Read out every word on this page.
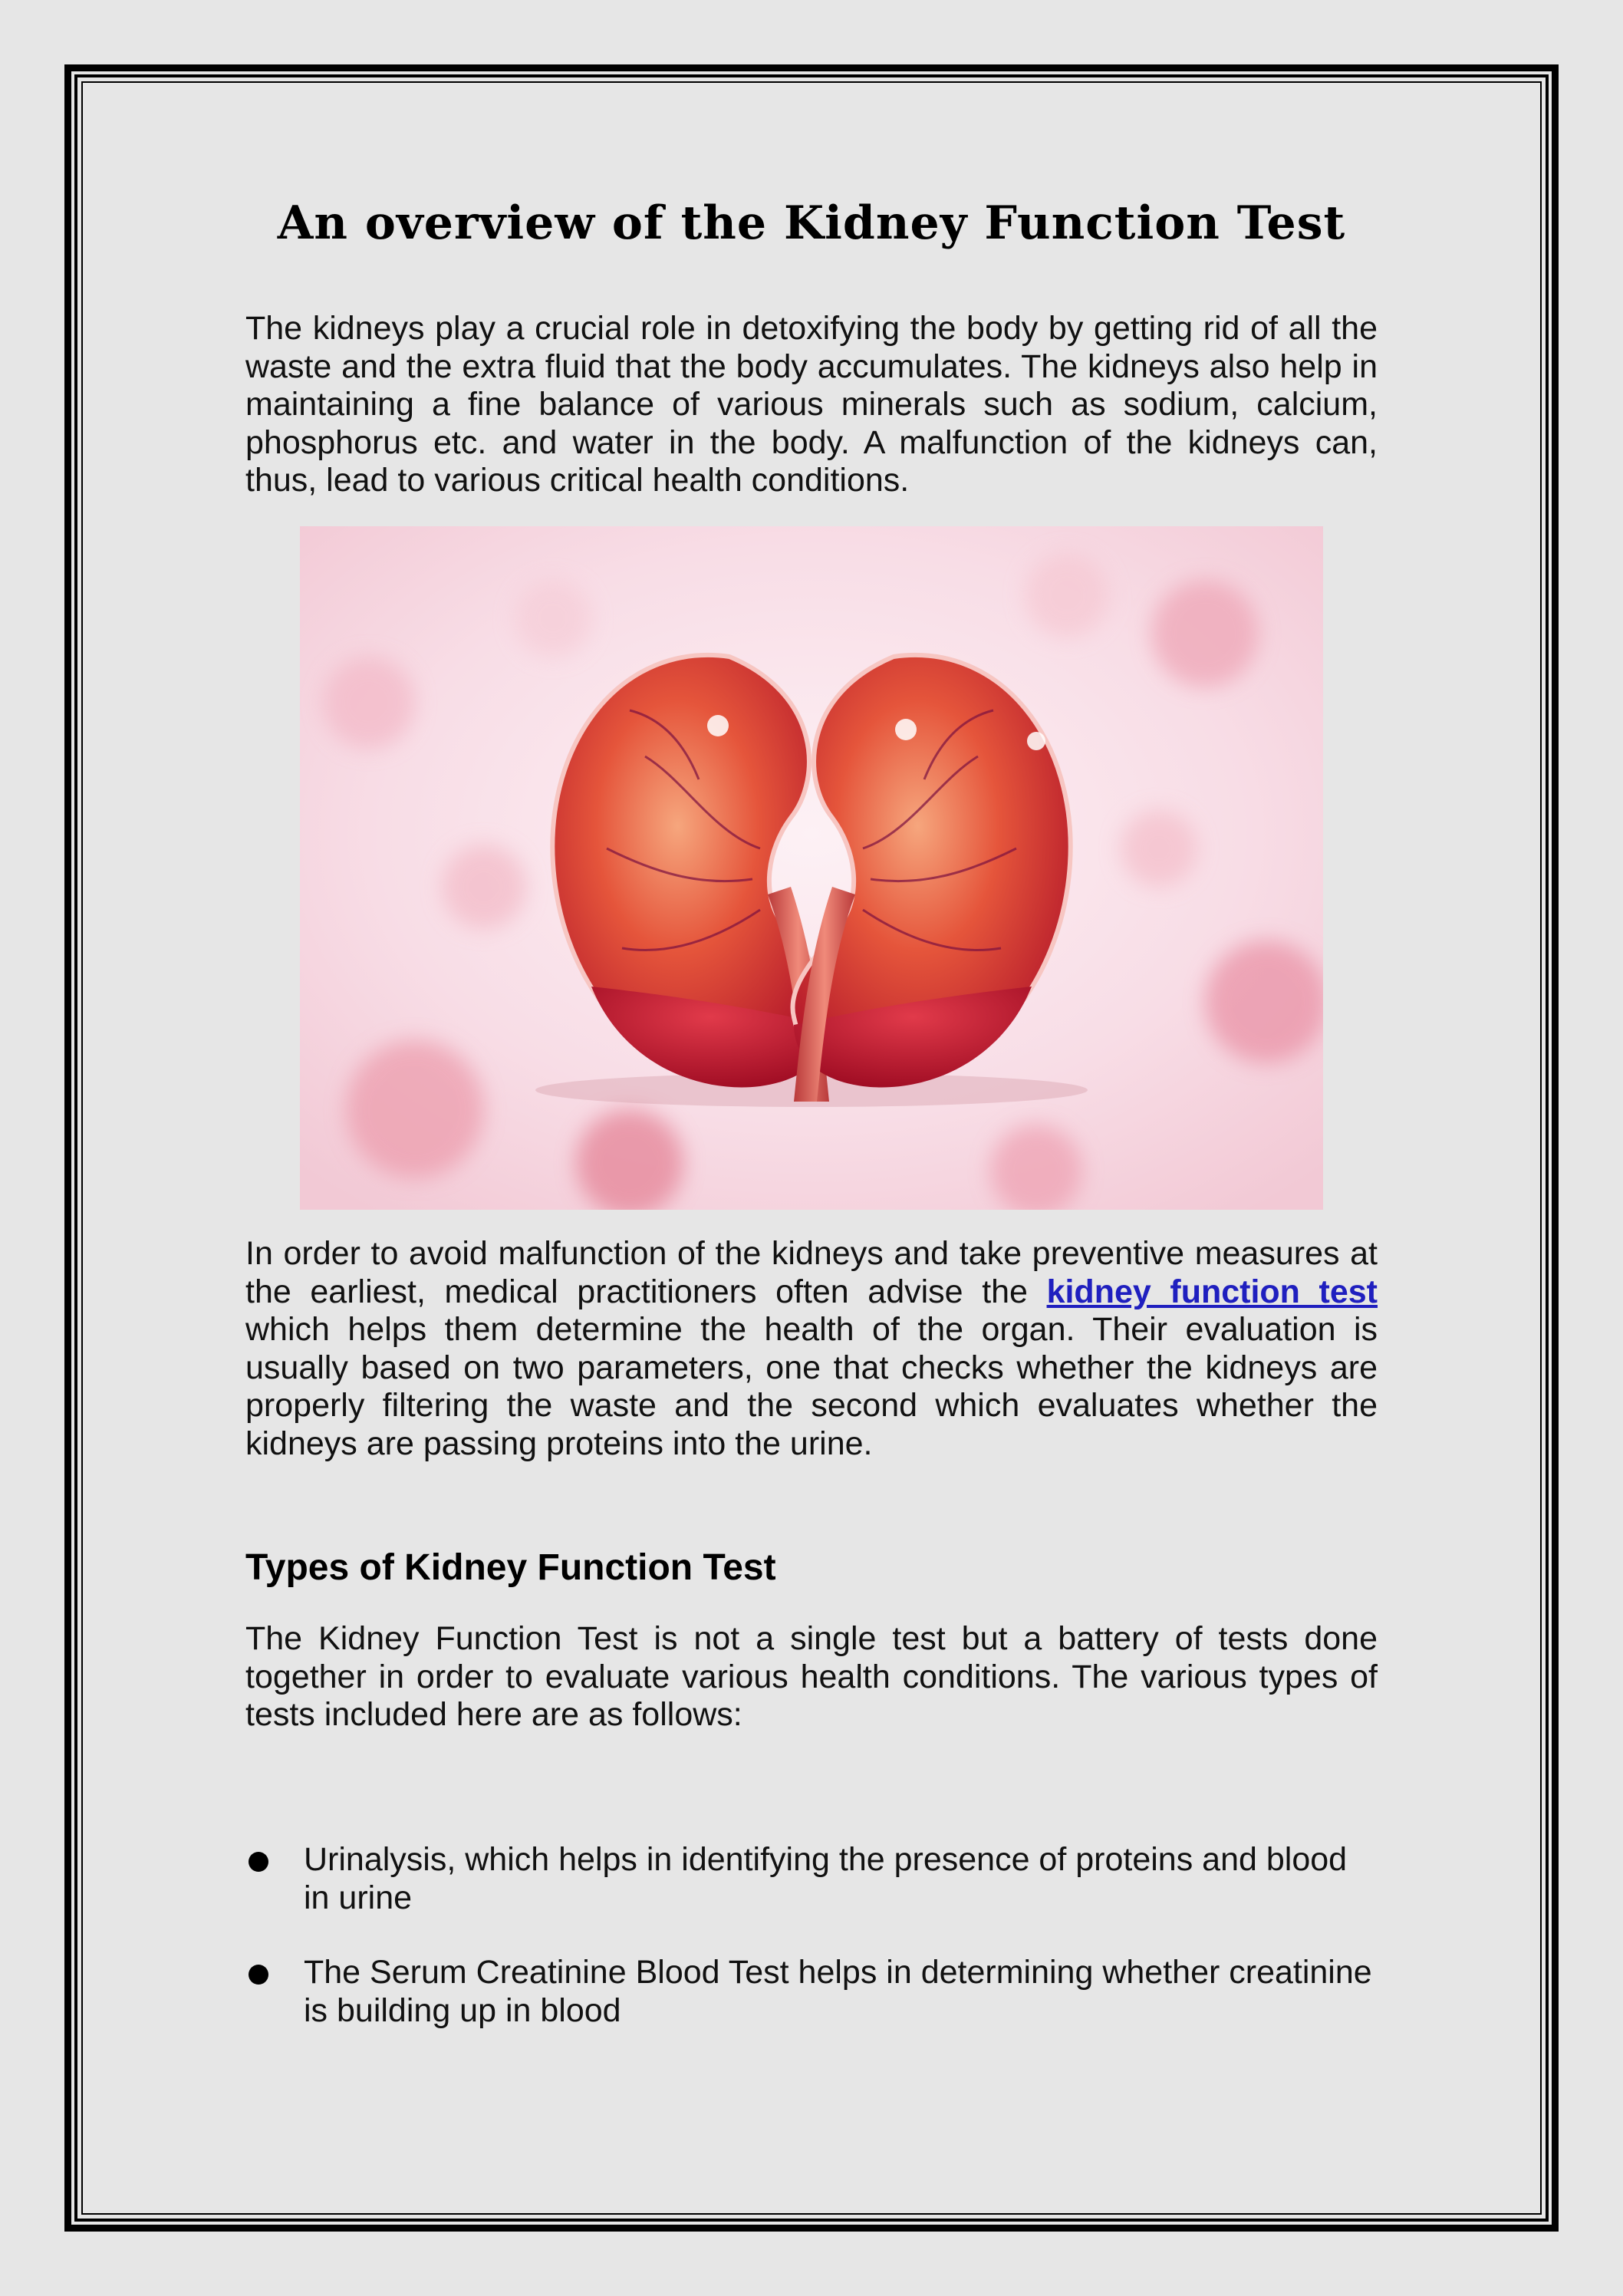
An overview of the Kidney Function Test

The kidneys play a crucial role in detoxifying the body by getting rid of all the waste and the extra fluid that the body accumulates. The kidneys also help in maintaining a fine balance of various minerals such as sodium, calcium, phosphorus etc. and water in the body. A malfunction of the kidneys can, thus, lead to various critical health conditions.

In order to avoid malfunction of the kidneys and take preventive measures at the earliest, medical practitioners often advise the kidney function test which helps them determine the health of the organ. Their evaluation is usually based on two parameters, one that checks whether the kidneys are properly filtering the waste and the second which evaluates whether the kidneys are passing proteins into the urine.

Types of Kidney Function Test

The Kidney Function Test is not a single test but a battery of tests done together in order to evaluate various health conditions. The various types of tests included here are as follows:

Urinalysis, which helps in identifying the presence of proteins and blood in urine
The Serum Creatinine Blood Test helps in determining whether creatinine is building up in blood
